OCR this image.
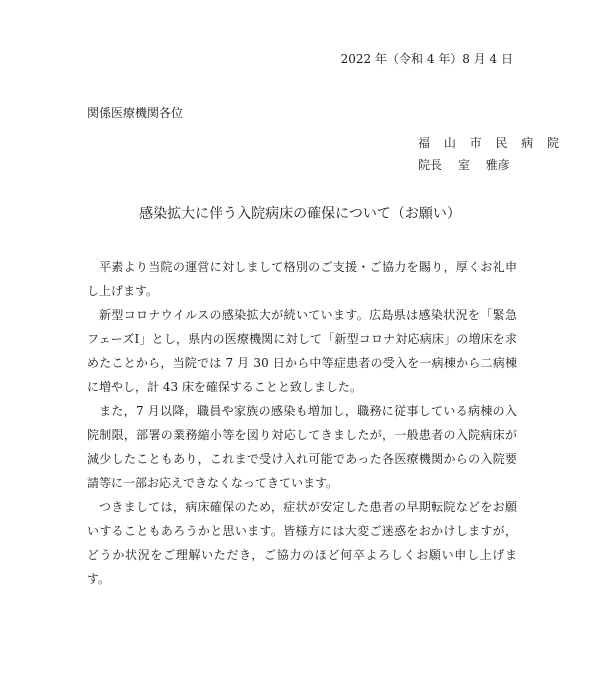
2022 年（令和 4 年）8 月 4 日
関係医療機関各位
福 山 市 民 病 院
院長　 室　 雅彦
感染拡大に伴う入院病床の確保について（お願い）

平素より当院の運営に対しまして格別のご支援・ご協力を賜り，厚くお礼申し上げます。

新型コロナウイルスの感染拡大が続いています。広島県は感染状況を「緊急フェーズⅠ」とし，県内の医療機関に対して「新型コロナ対応病床」の増床を求めたことから，当院では 7 月 30 日から中等症患者の受入を一病棟から二病棟に増やし，計 43 床を確保することと致しました。

また，7 月以降，職員や家族の感染も増加し，職務に従事している病棟の入院制限，部署の業務縮小等を図り対応してきましたが，一般患者の入院病床が減少したこともあり，これまで受け入れ可能であった各医療機関からの入院要請等に一部お応えできなくなってきています。

つきましては，病床確保のため，症状が安定した患者の早期転院などをお願いすることもあろうかと思います。皆様方には大変ご迷惑をおかけしますが，どうか状況をご理解いただき，ご協力のほど何卒よろしくお願い申し上げます。
